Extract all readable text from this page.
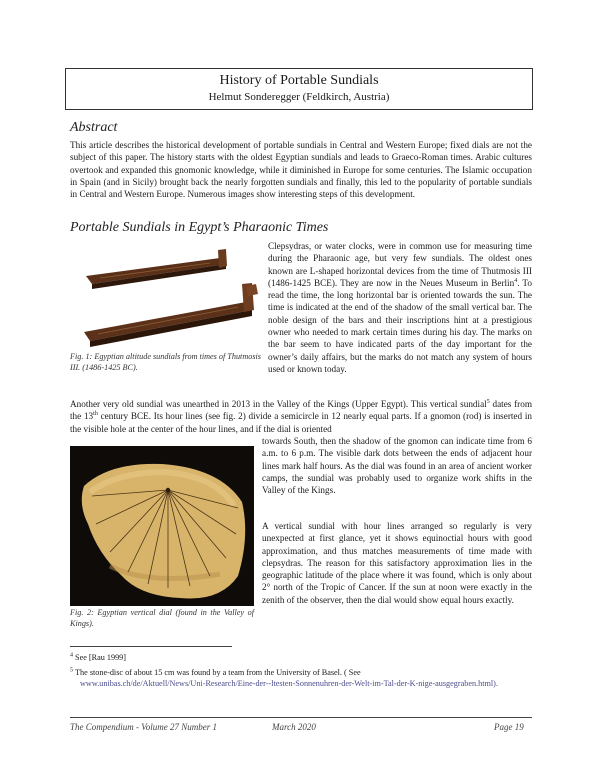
History of Portable Sundials
Helmut Sonderegger (Feldkirch, Austria)
Abstract

This article describes the historical development of portable sundials in Central and Western Europe; fixed dials are not the subject of this paper. The history starts with the oldest Egyptian sundials and leads to Graeco-Roman times. Arabic cultures overtook and expanded this gnomonic knowledge, while it diminished in Europe for some centuries. The Islamic occupation in Spain (and in Sicily) brought back the nearly forgotten sundials and finally, this led to the popularity of portable sundials in Central and Western Europe. Numerous images show interesting steps of this development.

Portable Sundials in Egypt’s Pharaonic Times

Fig. 1: Egyptian altitude sundials from times of Thutmosis III. (1486-1425 BC).

Clepsydras, or water clocks, were in common use for measuring time during the Pharaonic age, but very few sundials. The oldest ones known are L-shaped horizontal devices from the time of Thutmosis III (1486-1425 BCE). They are now in the Neues Museum in Berlin$^4$. To read the time, the long horizontal bar is oriented towards the sun. The time is indicated at the end of the shadow of the small vertical bar. The noble design of the bars and their inscriptions hint at a prestigious owner who needed to mark certain times during his day. The marks on the bar seem to have indicated parts of the day important for the owner’s daily affairs, but the marks do not match any system of hours used or known today.

Another very old sundial was unearthed in 2013 in the Valley of the Kings (Upper Egypt). This vertical sundial$^5$ dates from the 13th century BCE. Its hour lines (see fig. 2) divide a semicircle in 12 nearly equal parts. If a gnomon (rod) is inserted in the visible hole at the center of the hour lines, and if the dial is oriented

Fig. 2: Egyptian vertical dial (found in the Valley of Kings).

towards South, then the shadow of the gnomon can indicate time from 6 a.m. to 6 p.m. The visible dark dots between the ends of adjacent hour lines mark half hours. As the dial was found in an area of ancient worker camps, the sundial was probably used to organize work shifts in the Valley of the Kings.

A vertical sundial with hour lines arranged so regularly is very unexpected at first glance, yet it shows equinoctial hours with good approximation, and thus matches measurements of time made with clepsydras. The reason for this satisfactory approximation lies in the geographic latitude of the place where it was found, which is only about 2° north of the Tropic of Cancer. If the sun at noon were exactly in the zenith of the observer, then the dial would show equal hours exactly.

$^4$ See [Rau 1999]
$^5$ The stone-disc of about 15 cm was found by a team from the University of Basel. ( See
www.unibas.ch/de/Aktuell/News/Uni-Research/Eine-der--ltesten-Sonnenuhren-der-Welt-im-Tal-der-K-nige-ausgegraben.html).
The Compendium - Volume 27 Number 1	March 2020	Page 19
